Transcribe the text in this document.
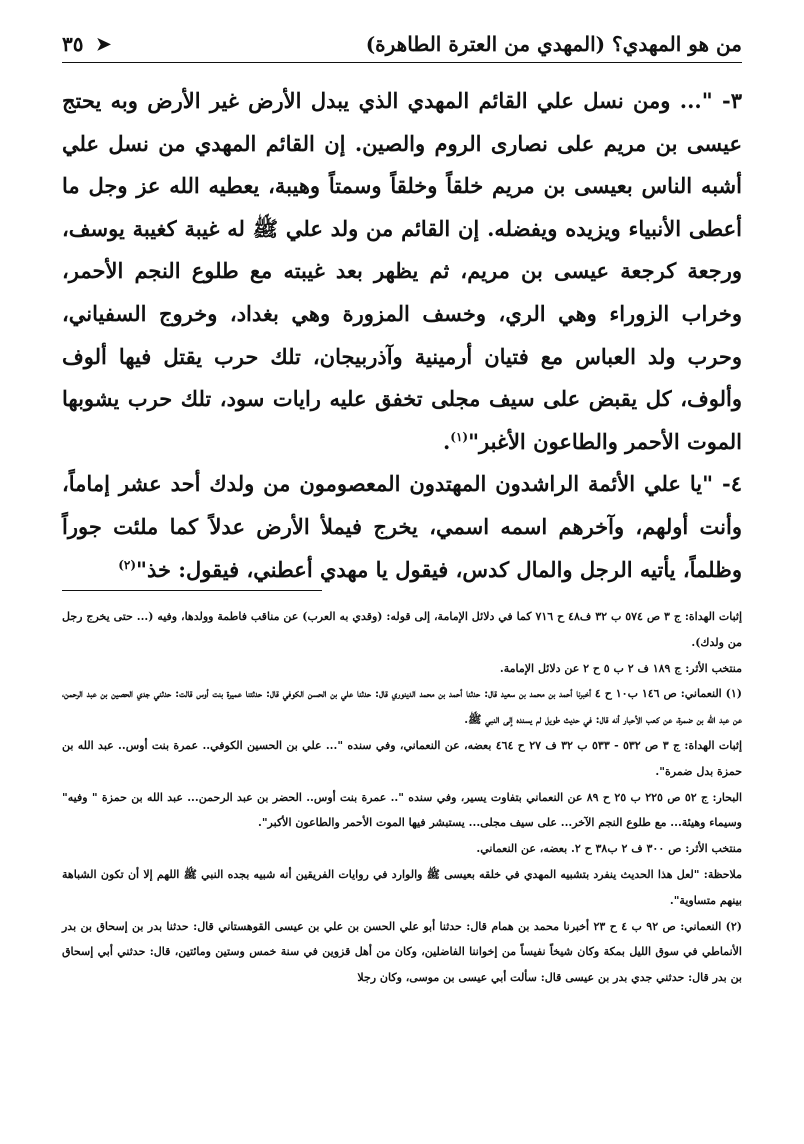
من هو المهدي؟ (المهدي من العترة الطاهرة)
➤
٣٥

٣- "... ومن نسل علي القائم المهدي الذي يبدل الأرض غير الأرض وبه يحتج عيسى بن مريم على نصارى الروم والصين. إن القائم المهدي من نسل علي أشبه الناس بعيسى بن مريم خلقاً وخلقاً وسمتاً وهيبة، يعطيه الله عز وجل ما أعطى الأنبياء ويزيده ويفضله. إن القائم من ولد علي ﷺ له غيبة كغيبة يوسف، ورجعة كرجعة عيسى بن مريم، ثم يظهر بعد غيبته مع طلوع النجم الأحمر، وخراب الزوراء وهي الري، وخسف المزورة وهي بغداد، وخروج السفياني، وحرب ولد العباس مع فتيان أرمينية وآذربيجان، تلك حرب يقتل فيها ألوف وألوف، كل يقبض على سيف مجلى تخفق عليه رايات سود، تلك حرب يشوبها الموت الأحمر والطاعون الأغبر"$^{(١)}$.

٤- "يا علي الأئمة الراشدون المهتدون المعصومون من ولدك أحد عشر إماماً، وأنت أولهم، وآخرهم اسمه اسمي، يخرج فيملأ الأرض عدلاً كما ملئت جوراً وظلماً، يأتيه الرجل والمال كدس، فيقول يا مهدي أعطني، فيقول: خذ"$^{(٢)}$

إثبات الهداة: ج ٣ ص ٥٧٤ ب ٣٢ ف٤٨ ح ٧١٦ كما في دلائل الإمامة، إلى قوله: (وقدي به العرب) عن مناقب فاطمة وولدها، وفيه (... حتى يخرج رجل من ولدك).

منتخب الأثر: ج ١٨٩ ف ٢ ب ٥ ح ٢ عن دلائل الإمامة.

(١) النعماني: ص ١٤٦ ب١٠ ح ٤ أخبرنا أحمد بن محمد بن سعيد قال: حدثنا أحمد بن محمد الدينوري قال: حدثنا علي بن الحسن الكوفي قال: حدثتنا عميرة بنت أوس قالت: حدثني جدي الحصين بن عبد الرحمن، عن عبد الله بن ضمرة، عن كعب الأحبار أنه قال: في حديث طويل لم يسنده إلى النبي ﷺ.

إثبات الهداة: ج ٣ ص ٥٣٢ - ٥٣٣ ب ٣٢ ف ٢٧ ح ٤٦٤ بعضه، عن النعماني، وفي سنده "... علي بن الحسين الكوفي.. عمرة بنت أوس.. عبد الله بن حمزة بدل ضمرة".

البحار: ج ٥٢ ص ٢٢٥ ب ٢٥ ح ٨٩ عن النعماني بتفاوت يسير، وفي سنده ".. عمرة بنت أوس.. الحضر بن عبد الرحمن... عبد الله بن حمزة " وفيه" وسيماء وهيئة... مع طلوع النجم الآخر... على سيف مجلى... يستبشر فيها الموت الأحمر والطاعون الأكبر".

منتخب الأثر: ص ٣٠٠ ف ٢ ب٣٨ ح ٢. بعضه، عن النعماني.

ملاحظة: "لعل هذا الحديث ينفرد بتشبيه المهدي في خلقه بعيسى ﷺ والوارد في روايات الفريقين أنه شبيه بجده النبي ﷺ اللهم إلا أن تكون الشباهة بينهم متساوية".

(٢) النعماني: ص ٩٢ ب ٤ ح ٢٣ أخبرنا محمد بن همام قال: حدثنا أبو علي الحسن بن علي بن عيسى القوهستاني قال: حدثنا بدر بن إسحاق بن بدر الأنماطي في سوق الليل بمكة وكان شيخاً نفيساً من إخواننا الفاضلين، وكان من أهل قزوين في سنة خمس وستين ومائتين، قال: حدثني أبي إسحاق بن بدر قال: حدثني جدي بدر بن عيسى قال: سألت أبي عيسى بن موسى، وكان رجلا
